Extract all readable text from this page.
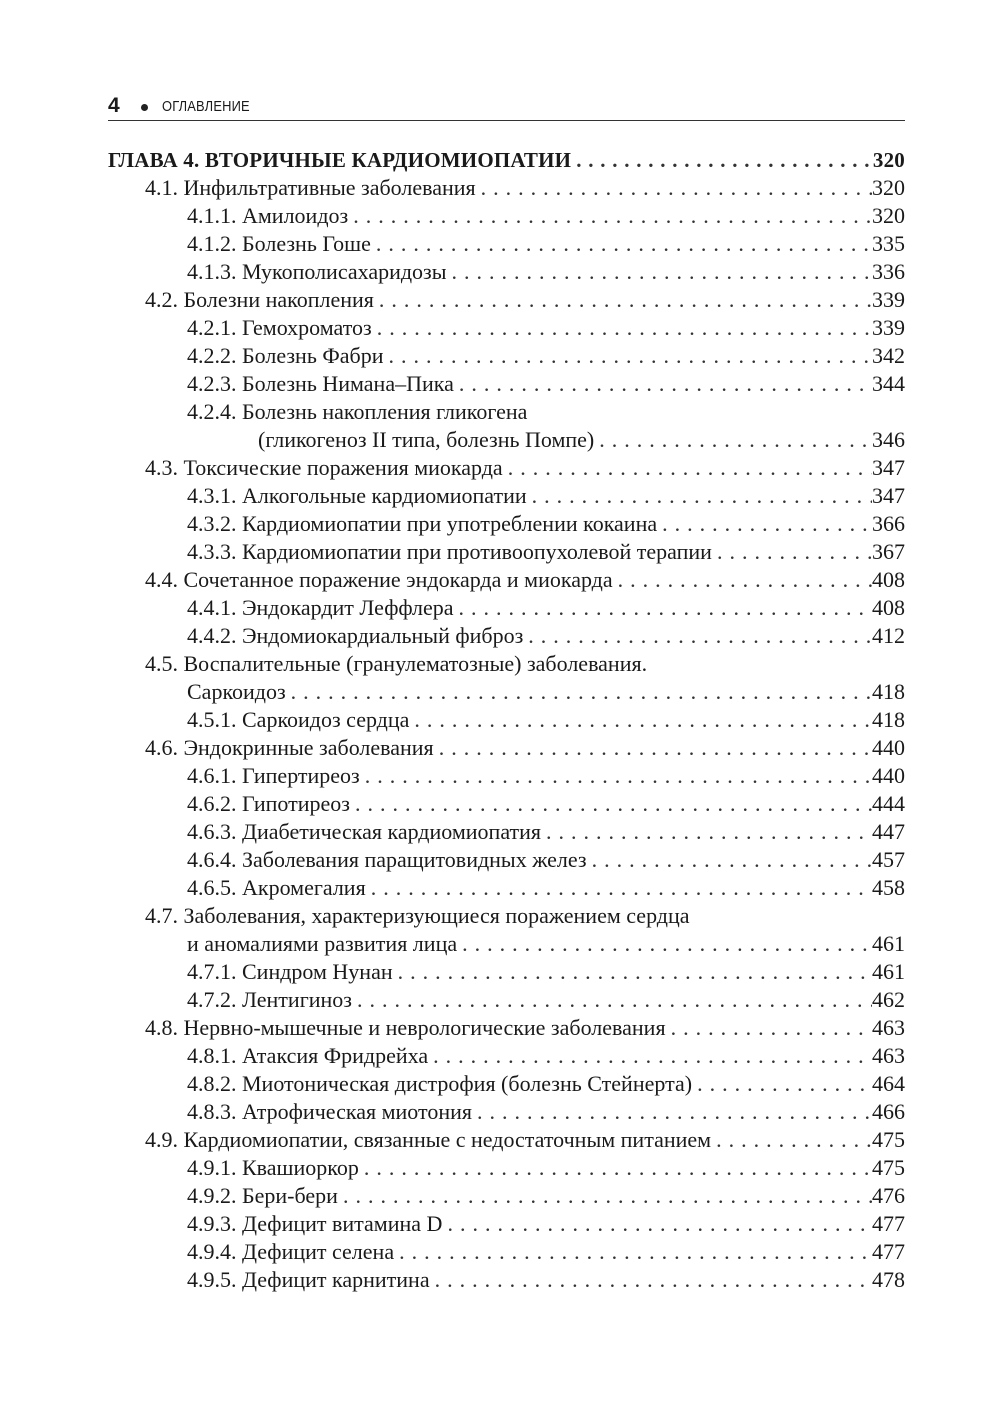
4	ОГЛАВЛЕНИЕ
ГЛАВА 4. ВТОРИЧНЫЕ КАРДИОМИОПАТИИ . . .	320
4.1. Инфильтративные заболевания . . .	320
4.1.1. Амилоидоз . . .	320
4.1.2. Болезнь Гоше . . .	335
4.1.3. Мукополисахаридозы . . .	336
4.2. Болезни накопления . . .	339
4.2.1. Гемохроматоз . . .	339
4.2.2. Болезнь Фабри . . .	342
4.2.3. Болезнь Нимана–Пика . . .	344
4.2.4. Болезнь накопления гликогена
(гликогеноз II типа, болезнь Помпе) . . .	346
4.3. Токсические поражения миокарда . . .	347
4.3.1. Алкогольные кардиомиопатии . . .	347
4.3.2. Кардиомиопатии при употреблении кокаина . . .	366
4.3.3. Кардиомиопатии при противоопухолевой терапии . . .	367
4.4. Сочетанное поражение эндокарда и миокарда . . .	408
4.4.1. Эндокардит Леффлера . . .	408
4.4.2. Эндомиокардиальный фиброз . . .	412
4.5. Воспалительные (гранулематозные) заболевания.
Саркоидоз . . .	418
4.5.1. Саркоидоз сердца . . .	418
4.6. Эндокринные заболевания . . .	440
4.6.1. Гипертиреоз . . .	440
4.6.2. Гипотиреоз . . .	444
4.6.3. Диабетическая кардиомиопатия . . .	447
4.6.4. Заболевания паращитовидных желез . . .	457
4.6.5. Акромегалия . . .	458
4.7. Заболевания, характеризующиеся поражением сердца
и аномалиями развития лица . . .	461
4.7.1. Синдром Нунан . . .	461
4.7.2. Лентигиноз . . .	462
4.8. Нервно-мышечные и неврологические заболевания . . .	463
4.8.1. Атаксия Фридрейха . . .	463
4.8.2. Миотоническая дистрофия (болезнь Стейнерта) . . .	464
4.8.3. Атрофическая миотония . . .	466
4.9. Кардиомиопатии, связанные с недостаточным питанием . . .	475
4.9.1. Квашиоркор . . .	475
4.9.2. Бери-бери . . .	476
4.9.3. Дефицит витамина D . . .	477
4.9.4. Дефицит селена . . .	477
4.9.5. Дефицит карнитина . . .	478
